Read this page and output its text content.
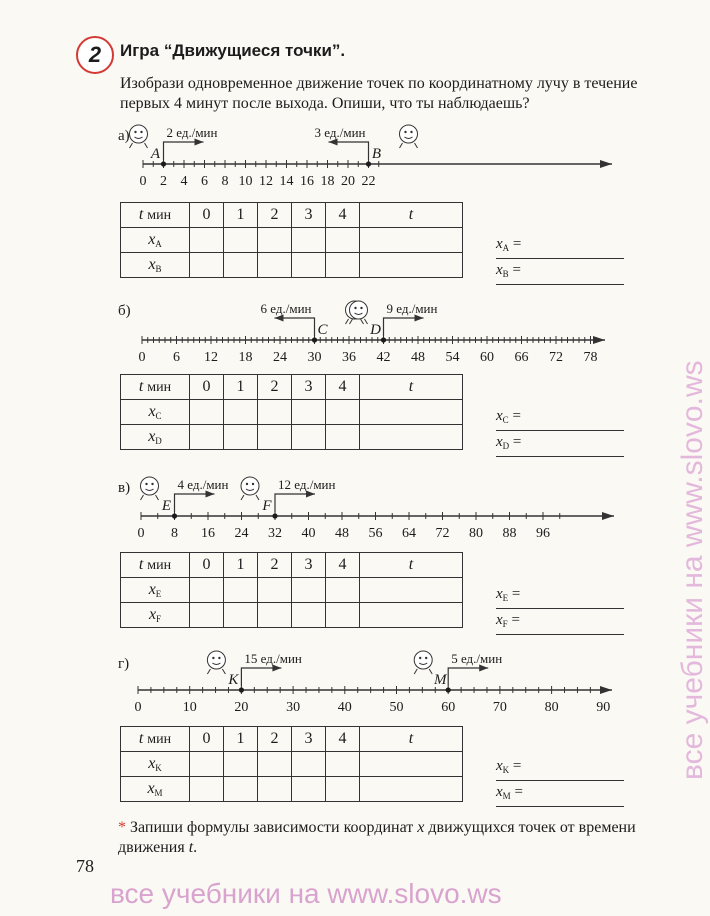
2	Игра “Движущиеся точки”.
Изобрази одновременное движение точек по координатному лучу в течение первых 4 минут после выхода. Опиши, что ты наблюдаешь?
а)
0 2 4 6 8 10 12 14 16 18 20 22
A
2 ед./мин
B
3 ед./мин
t мин	0	1	2	3	4	t
$x_A$						
$x_B$						
$x_A$ =
$x_B$ =
б)
0 6 12 18 24 30 36 42 48 54 60 66 72 78
C
6 ед./мин
D
9 ед./мин
t мин	0	1	2	3	4	t
$x_C$						
$x_D$						
$x_C$ =
$x_D$ =
в)
0 8 16 24 32 40 48 56 64 72 80 88 96
E
4 ед./мин
F
12 ед./мин
t мин	0	1	2	3	4	t
$x_E$						
$x_F$						
$x_E$ =
$x_F$ =
г)
0	10	20	30	40	50	60	70	80	90
K
15 ед./мин
M
5 ед./мин
t мин	0	1	2	3	4	t
$x_K$						
$x_M$						
$x_K$ =
$x_M$ =
* Запиши формулы зависимости координат x движущихся точек от времени движения t.
78
все учебники на www.slovo.ws
все учебники на www.slovo.ws
